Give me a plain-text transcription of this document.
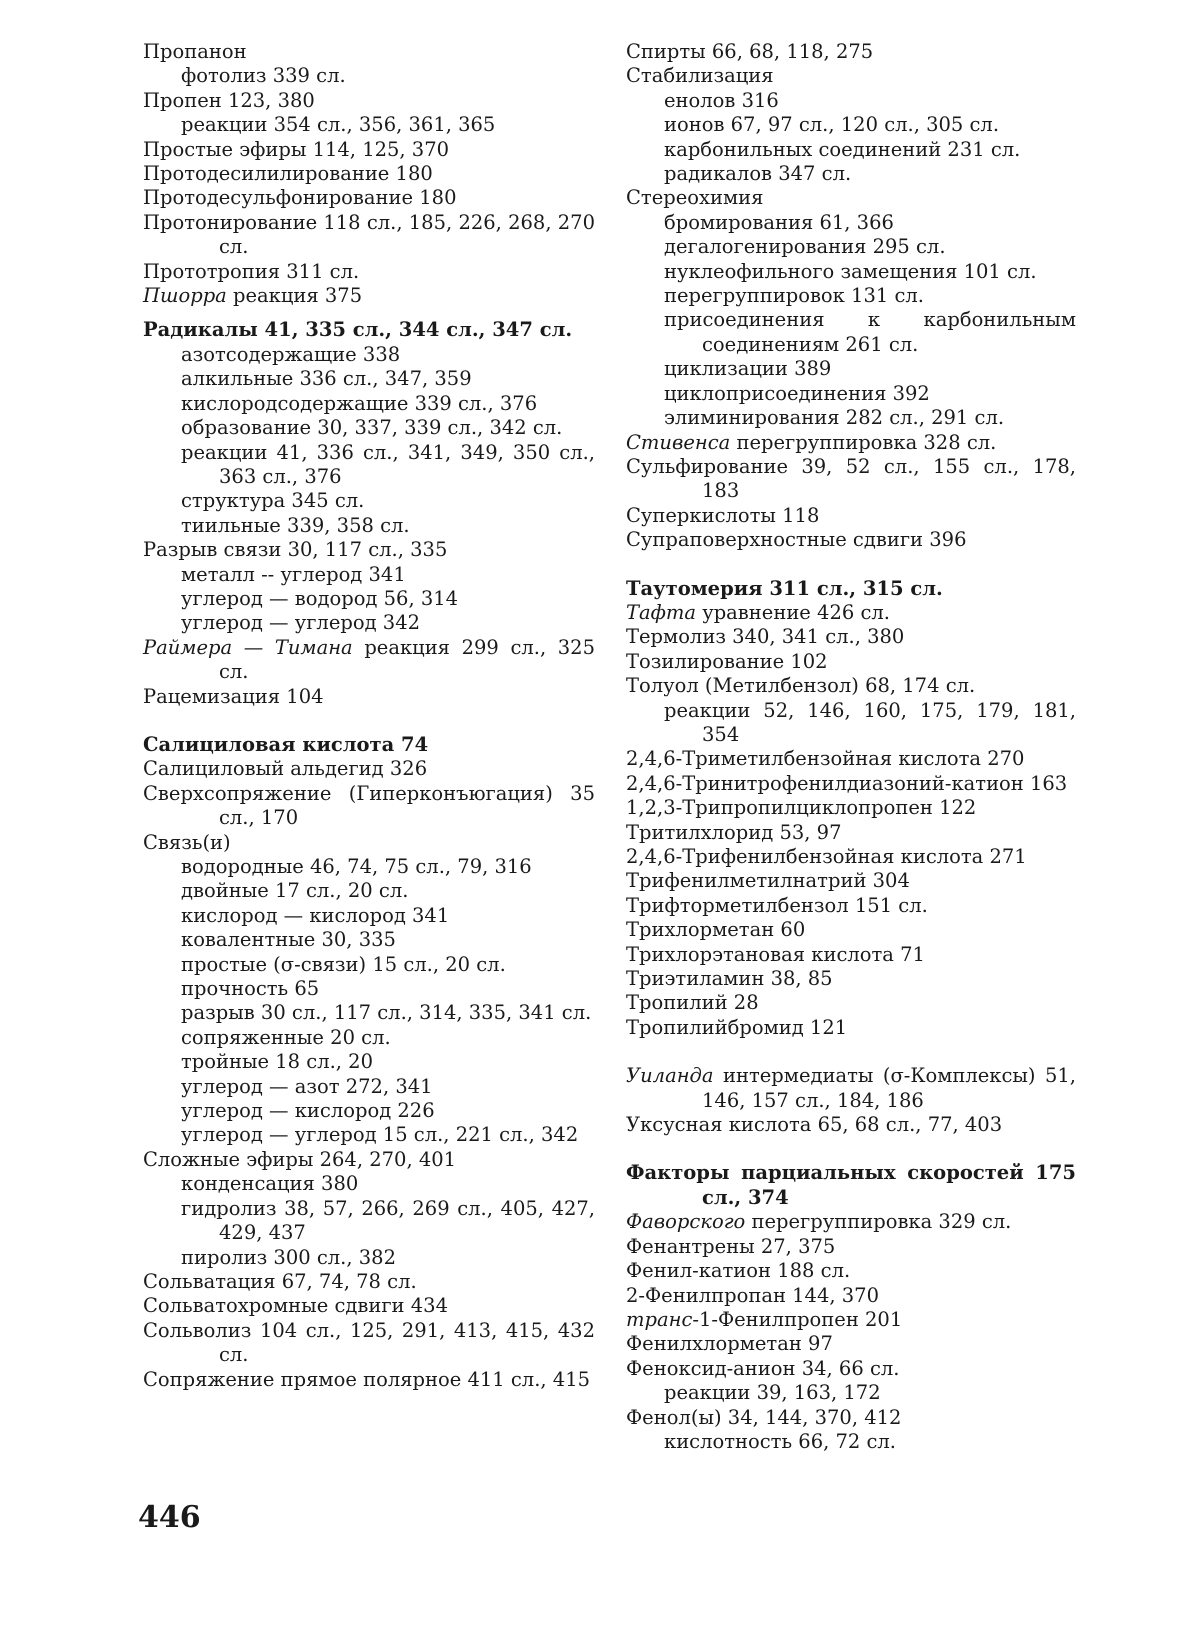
Пропанон

фотолиз 339 сл.

Пропен 123, 380

реакции 354 сл., 356, 361, 365

Простые эфиры 114, 125, 370

Протодесилилирование 180

Протодесульфонирование 180

Протонирование 118 сл., 185, 226, 268, 270 сл.

Прототропия 311 сл.

Пшорра реакция 375

Радикалы 41, 335 сл., 344 сл., 347 сл.

азотсодержащие 338

алкильные 336 сл., 347, 359

кислородсодержащие 339 сл., 376

образование 30, 337, 339 сл., 342 сл.

реакции 41, 336 сл., 341, 349, 350 сл., 363 сл., 376

структура 345 сл.

тиильные 339, 358 сл.

Разрыв связи 30, 117 сл., 335

металл -- углерод 341

углерод — водород 56, 314

углерод — углерод 342

Раймера — Тимана реакция 299 сл., 325 сл.

Рацемизация 104

Салициловая кислота 74

Салициловый альдегид 326

Сверхсопряжение (Гиперконъюгация) 35 сл., 170

Связь(и)

водородные 46, 74, 75 сл., 79, 316

двойные 17 сл., 20 сл.

кислород — кислород 341

ковалентные 30, 335

простые (σ-связи) 15 сл., 20 сл.

прочность 65

разрыв 30 сл., 117 сл., 314, 335, 341 сл.

сопряженные 20 сл.

тройные 18 сл., 20

углерод — азот 272, 341

углерод — кислород 226

углерод — углерод 15 сл., 221 сл., 342

Сложные эфиры 264, 270, 401

конденсация 380

гидролиз 38, 57, 266, 269 сл., 405, 427, 429, 437

пиролиз 300 сл., 382

Сольватация 67, 74, 78 сл.

Сольватохромные сдвиги 434

Сольволиз 104 сл., 125, 291, 413, 415, 432 сл.

Сопряжение прямое полярное 411 сл., 415

Спирты 66, 68, 118, 275

Стабилизация

енолов 316

ионов 67, 97 сл., 120 сл., 305 сл.

карбонильных соединений 231 сл.

радикалов 347 сл.

Стереохимия

бромирования 61, 366

дегалогенирования 295 сл.

нуклеофильного замещения 101 сл.

перегруппировок 131 сл.

присоединения к карбонильным соединениям 261 сл.

циклизации 389

циклоприсоединения 392

элиминирования 282 сл., 291 сл.

Стивенса перегруппировка 328 сл.

Сульфирование 39, 52 сл., 155 сл., 178, 183

Суперкислоты 118

Супраповерхностные сдвиги 396

Таутомерия 311 сл., 315 сл.

Тафта уравнение 426 сл.

Термолиз 340, 341 сл., 380

Тозилирование 102

Толуол (Метилбензол) 68, 174 сл.

реакции 52, 146, 160, 175, 179, 181, 354

2,4,6-Триметилбензойная кислота 270

2,4,6-Тринитрофенилдиазоний-катион 163

1,2,3-Трипропилциклопропен 122

Тритилхлорид 53, 97

2,4,6-Трифенилбензойная кислота 271

Трифенилметилнатрий 304

Трифторметилбензол 151 сл.

Трихлорметан 60

Трихлорэтановая кислота 71

Триэтиламин 38, 85

Тропилий 28

Тропилийбромид 121

Уиланда интермедиаты (σ-Комплексы) 51, 146, 157 сл., 184, 186

Уксусная кислота 65, 68 сл., 77, 403

Факторы парциальных скоростей 175 сл., 374

Фаворского перегруппировка 329 сл.

Фенантрены 27, 375

Фенил-катион 188 сл.

2-Фенилпропан 144, 370

транс-1-Фенилпропен 201

Фенилхлорметан 97

Феноксид-анион 34, 66 сл.

реакции 39, 163, 172

Фенол(ы) 34, 144, 370, 412

кислотность 66, 72 сл.

446
